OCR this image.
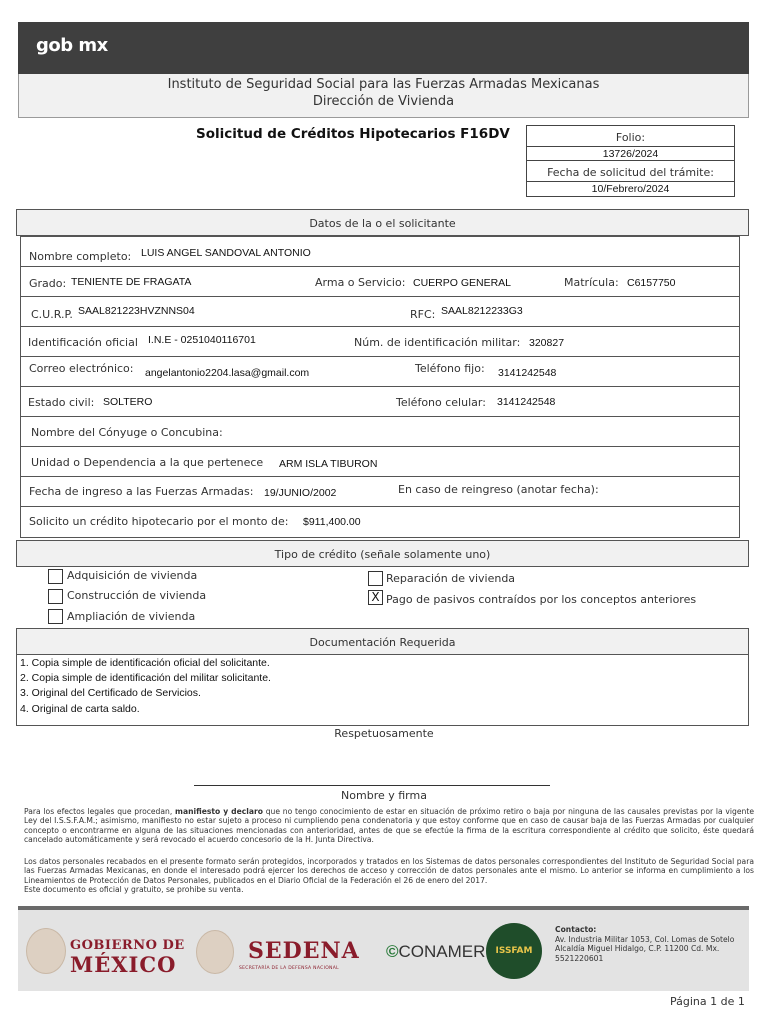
gob mx
Instituto de Seguridad Social para las Fuerzas Armadas Mexicanas
Dirección de Vivienda
Solicitud de Créditos Hipotecarios F16DV	Folio:
13726/2024
Fecha de solicitud del trámite:
10/Febrero/2024
Datos de la o el solicitante
Nombre completo: LUIS ANGEL SANDOVAL ANTONIO
Grado: TENIENTE DE FRAGATA	Arma o Servicio: CUERPO GENERAL	Matrícula: C6157750
C.U.R.P. SAAL821223HVZNNS04	RFC: SAAL8212233G3
Identificación oficial I.N.E - 0251040116701	Núm. de identificación militar: 320827
Correo electrónico: angelantonio2204.lasa@gmail.com	Teléfono fijo: 3141242548
Estado civil: SOLTERO	Teléfono celular: 3141242548
Nombre del Cónyuge o Concubina:
Unidad o Dependencia a la que pertenece ARM ISLA TIBURON
Fecha de ingreso a las Fuerzas Armadas: 19/JUNIO/2002	En caso de reingreso (anotar fecha):
Solicito un crédito hipotecario por el monto de: $911,400.00
Tipo de crédito (señale solamente uno)
Adquisición de vivienda
Construcción de vivienda
Ampliación de vivienda
Reparación de vivienda
X Pago de pasivos contraídos por los conceptos anteriores
Documentación Requerida
1. Copia simple de identificación oficial del solicitante.
2. Copia simple de identificación del militar solicitante.
3. Original del Certificado de Servicios.
4. Original de carta saldo.
Respetuosamente
Nombre y firma
Para los efectos legales que procedan, manifiesto y declaro que no tengo conocimiento de estar en situación de próximo retiro o baja por ninguna de las causales previstas por la vigente Ley del I.S.S.F.A.M.; asimismo, manifiesto no estar sujeto a proceso ni cumpliendo pena condenatoria y que estoy conforme que en caso de causar baja de las Fuerzas Armadas por cualquier concepto o encontrarme en alguna de las situaciones mencionadas con anterioridad, antes de que se efectúe la firma de la escritura correspondiente al crédito que solicito, éste quedará cancelado automáticamente y será revocado el acuerdo concesorio de la H. Junta Directiva.
Los datos personales recabados en el presente formato serán protegidos, incorporados y tratados en los Sistemas de datos personales correspondientes del Instituto de Seguridad Social para las Fuerzas Armadas Mexicanas, en donde el interesado podrá ejercer los derechos de acceso y corrección de datos personales ante el mismo. Lo anterior se informa en cumplimiento a los Lineamientos de Protección de Datos Personales, publicados en el Diario Oficial de la Federación el 26 de enero del 2017.
Este documento es oficial y gratuito, se prohibe su venta.
GOBIERNO DE
MÉXICO
SEDENA
SECRETARÍA DE LA DEFENSA NACIONAL
©CONAMER	ISSFAM
Contacto:
Av. Industria Militar 1053, Col. Lomas de Sotelo
Alcaldía Miguel Hidalgo, C.P. 11200 Cd. Mx.
5521220601
Página 1 de 1
